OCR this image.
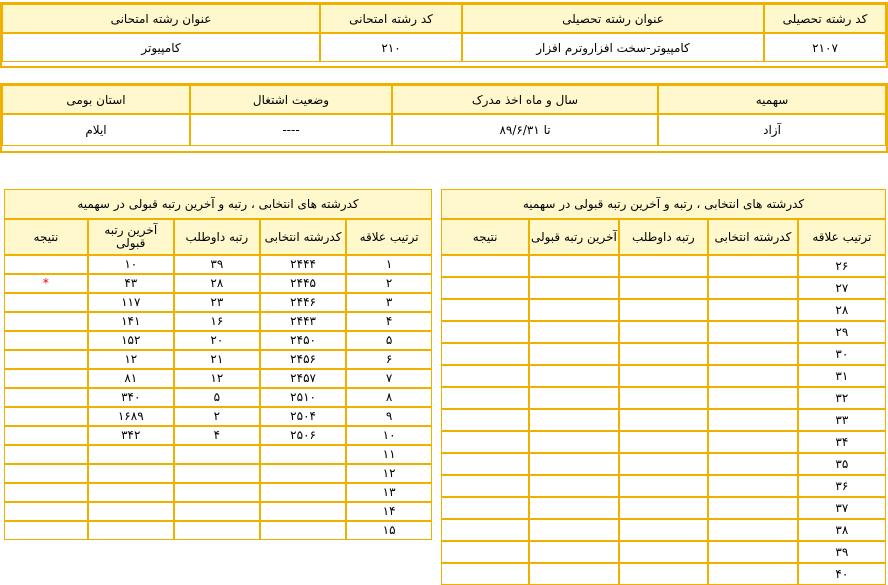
کد رشته تحصیلی	عنوان رشته تحصیلی	کد رشته امتحانی	عنوان رشته امتحانی
۲۱۰۷	کامپیوتر-سخت افزاروترم افزار	۲۱۰	کامپیوتر
سهمیه	سال و ماه اخذ مدرک	وضعیت اشتغال	استان بومی
آزاد	تا ۸۹/۶/۳۱	----	ایلام
کدرشته های انتخابی ، رتبه و آخرین رتبه قبولی در سهمیه				
ترتیب علاقه	کدرشته انتخابی	رتبه داوطلب	آخرین رتبه قبولی	نتیجه
۲۶				
۲۷				
۲۸				
۲۹				
۳۰				
۳۱				
۳۲				
۳۳				
۳۴				
۳۵				
۳۶				
۳۷				
۳۸				
۳۹				
۴۰				
کدرشته های انتخابی ، رتبه و آخرین رتبه قبولی در سهمیه				
ترتیب علاقه	کدرشته انتخابی	رتبه داوطلب	آخرین رتبه قبولی	نتیجه
۱	۲۴۴۴	۳۹	۱۰	
۲	۲۴۴۵	۲۸	۴۳	*
۳	۲۴۴۶	۲۳	۱۱۷	
۴	۲۴۴۳	۱۶	۱۴۱	
۵	۲۴۵۰	۲۰	۱۵۲	
۶	۲۴۵۶	۲۱	۱۲	
۷	۲۴۵۷	۱۲	۸۱	
۸	۲۵۱۰	۵	۳۴۰	
۹	۲۵۰۴	۲	۱۶۸۹	
۱۰	۲۵۰۶	۴	۳۴۲	
۱۱				
۱۲				
۱۳				
۱۴				
۱۵				
